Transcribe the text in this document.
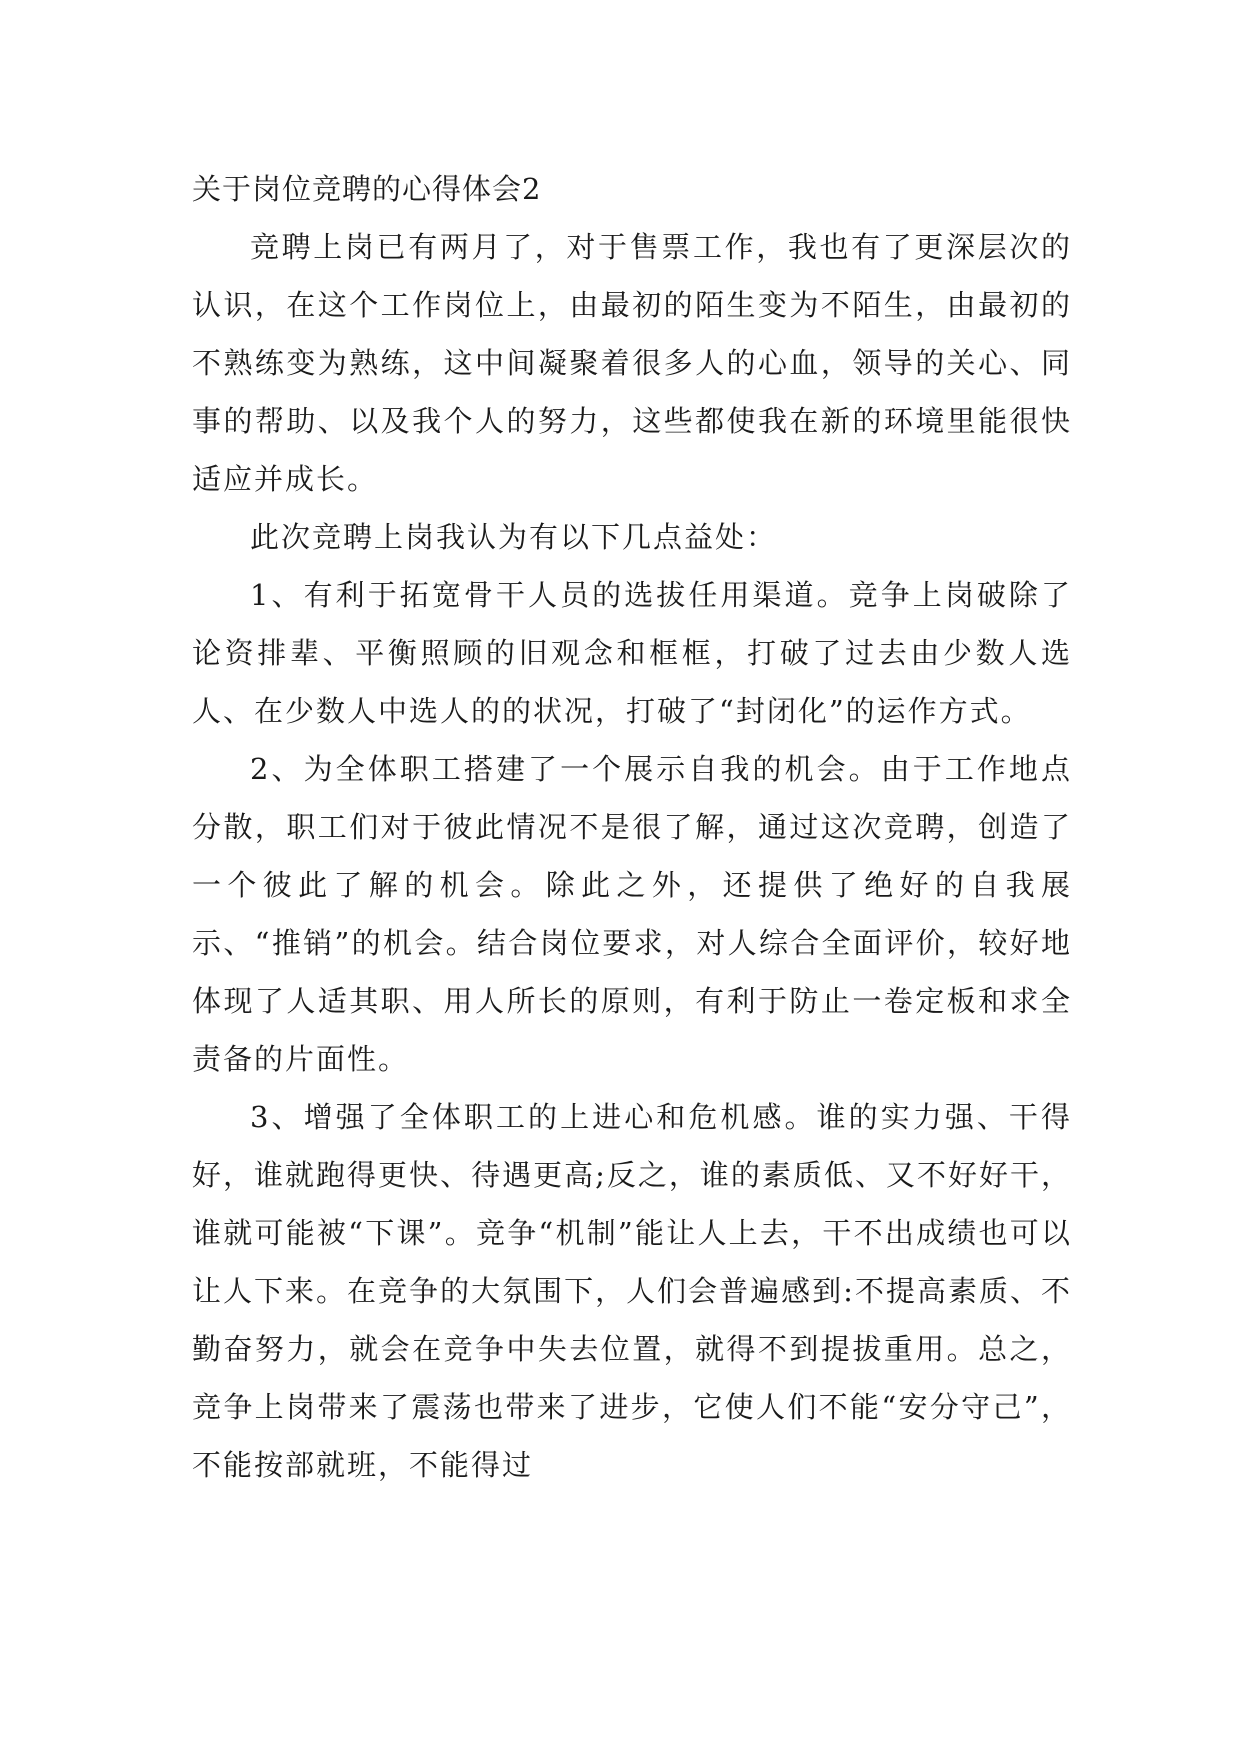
关于岗位竞聘的心得体会2

竞聘上岗已有两月了，对于售票工作，我也有了更深层次的认识，在这个工作岗位上，由最初的陌生变为不陌生，由最初的不熟练变为熟练，这中间凝聚着很多人的心血，领导的关心、同事的帮助、以及我个人的努力，这些都使我在新的环境里能很快适应并成长。

此次竞聘上岗我认为有以下几点益处：

1、有利于拓宽骨干人员的选拔任用渠道。竞争上岗破除了论资排辈、平衡照顾的旧观念和框框，打破了过去由少数人选人、在少数人中选人的的状况，打破了“封闭化”的运作方式。

2、为全体职工搭建了一个展示自我的机会。由于工作地点分散，职工们对于彼此情况不是很了解，通过这次竞聘，创造了一个彼此了解的机会。除此之外，还提供了绝好的自我展示、“推销”的机会。结合岗位要求，对人综合全面评价，较好地体现了人适其职、用人所长的原则，有利于防止一卷定板和求全责备的片面性。

3、增强了全体职工的上进心和危机感。谁的实力强、干得好，谁就跑得更快、待遇更高;反之，谁的素质低、又不好好干，谁就可能被“下课”。竞争“机制”能让人上去，干不出成绩也可以让人下来。在竞争的大氛围下，人们会普遍感到:不提高素质、不勤奋努力，就会在竞争中失去位置，就得不到提拔重用。总之，竞争上岗带来了震荡也带来了进步，它使人们不能“安分守己”，不能按部就班，不能得过
